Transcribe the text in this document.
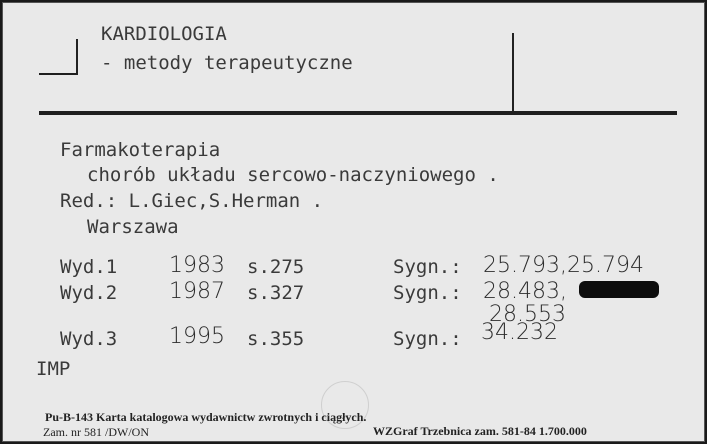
KARDIOLOGIA
- metody terapeutyczne
Farmakoterapia
chorób układu sercowo-naczyniowego .
Red.: L.Giec,S.Herman .
Warszawa
Wyd.1 1983 s.275	Sygn.: 25.793,25.794
Wyd.2 1987 s.327	Sygn.: 28.483,
28.553
Wyd.3 1995 s.355	Sygn.: 34.232
IMP
Pu-B-143 Karta katalogowa wydawnictw zwrotnych i ciągłych.
Zam. nr 581 /DW/ON	WZGraf Trzebnica zam. 581-84 1.700.000
